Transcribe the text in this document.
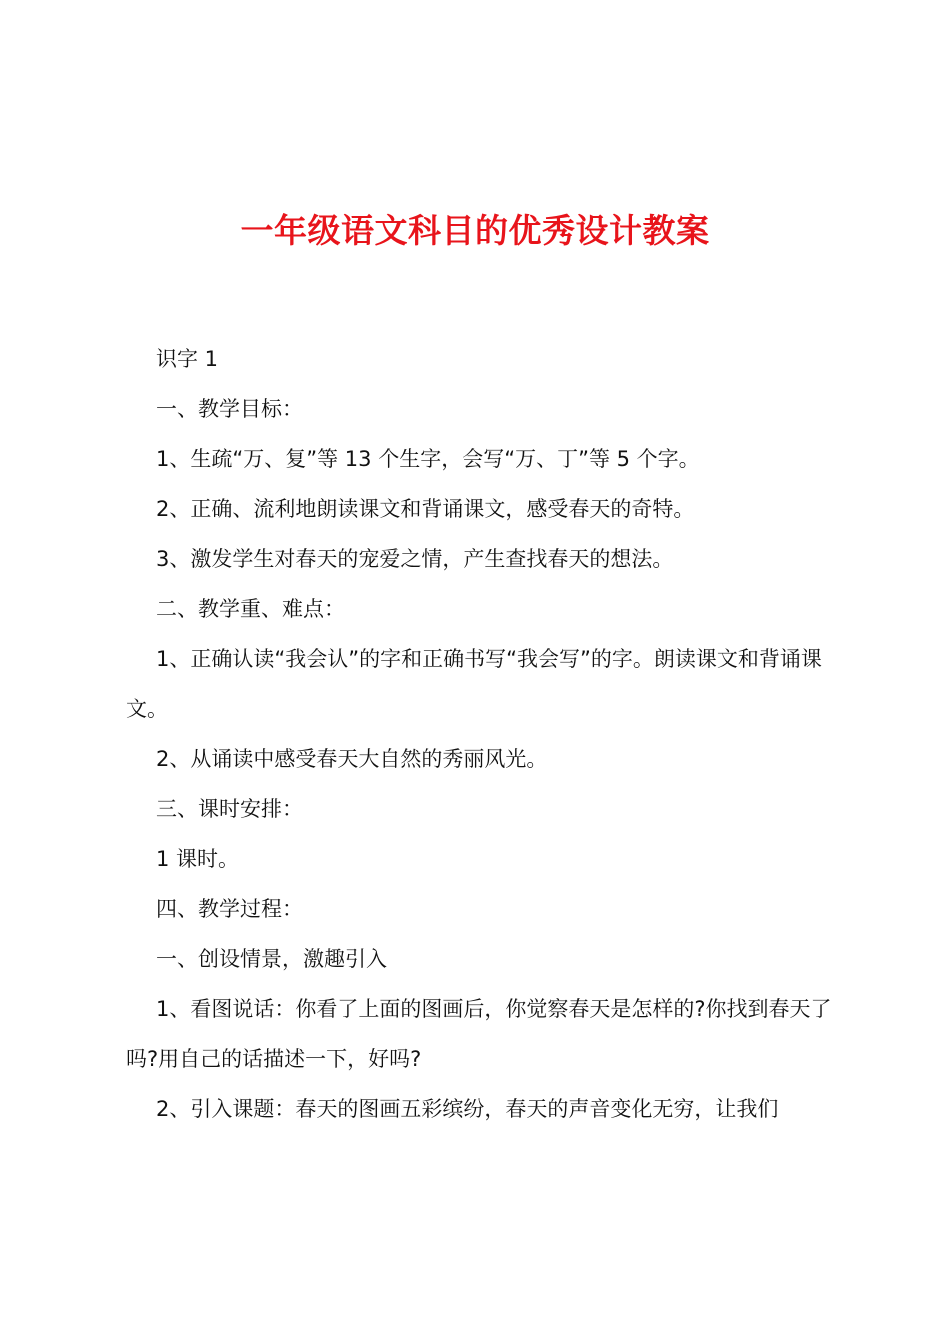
一年级语文科目的优秀设计教案

识字 1

一、教学目标：

1、生疏“万、复”等 13 个生字，会写“万、丁”等 5 个字。

2、正确、流利地朗读课文和背诵课文，感受春天的奇特。

3、激发学生对春天的宠爱之情，产生查找春天的想法。

二、教学重、难点：

1、正确认读“我会认”的字和正确书写“我会写”的字。朗读课文和背诵课文。

2、从诵读中感受春天大自然的秀丽风光。

三、课时安排：

1 课时。

四、教学过程：

一、创设情景，激趣引入

1、看图说话：你看了上面的图画后，你觉察春天是怎样的?你找到春天了吗?用自己的话描述一下，好吗?

2、引入课题：春天的图画五彩缤纷，春天的声音变化无穷，让我们
